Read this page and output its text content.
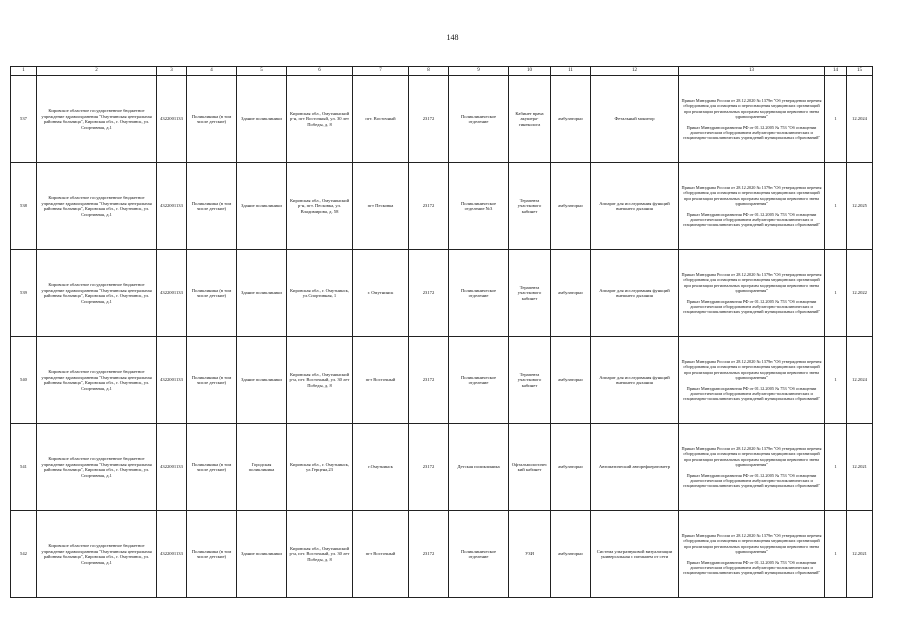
148
1	2	3	4	5	6	7	8	9	10	11	12	13	14	15
537	Кировское областное государственное бюджетное учреждение здравоохранения "Омутнинская центральная районная больница", Кировская обл., г. Омутнинск, ул. Спортивная, д.1	4322001133	Поликлиника (в том числе детские)	Здание поликлиники	Кировская обл., Омутнинский р-н, пгт Восточный, ул. 30 лет Победы, д. 8	пгт. Восточный	23172	Поликлиническое отделение	Кабинет врача акушера-гинеколога	амбулаторно	Фетальный монитор	Приказ Минздрава России от 28.12.2020 № 1379н "Об утверждении перечня оборудования для оснащения и переоснащения медицинских организаций при реализации региональных программ модернизации первичного звена здравоохранения"

Приказ Минздравсоцразвития РФ от 01.12.2005 № 753 "Об оснащении диагностическим оборудованием амбулаторно-поликлинических и стационарно-поликлинических учреждений муниципальных образований"	1	12.2024
538	Кировское областное государственное бюджетное учреждение здравоохранения "Омутнинская центральная районная больница", Кировская обл., г. Омутнинск, ул. Спортивная, д.1	4322001133	Поликлиника (в том числе детские)	Здание поликлиники	Кировская обл., Омутнинский р-н, пгт. Песковка, ул. Владимирова, д. 58	пгт Песковка	23172	Поликлиническое отделение №3	Терапевта участкового кабинет	амбулаторно	Аппарат для исследования функций внешнего дыхания	Приказ Минздрава России от 28.12.2020 № 1379н "Об утверждении перечня оборудования для оснащения и переоснащения медицинских организаций при реализации региональных программ модернизации первичного звена здравоохранения"

Приказ Минздравсоцразвития РФ от 01.12.2005 № 753 "Об оснащении диагностическим оборудованием амбулаторно-поликлинических и стационарно-поликлинических учреждений муниципальных образований"	1	12.2025
539	Кировское областное государственное бюджетное учреждение здравоохранения "Омутнинская центральная районная больница", Кировская обл., г. Омутнинск, ул. Спортивная, д.1	4322001133	Поликлиника (в том числе детские)	Здание поликлиники	Кировская обл., г. Омутнинск, ул.Спортивная, 1	г. Омутнинск	23172	Поликлиническое отделение	Терапевта участкового кабинет	амбулаторно	Аппарат для исследования функций внешнего дыхания	Приказ Минздрава России от 28.12.2020 № 1379н "Об утверждении перечня оборудования для оснащения и переоснащения медицинских организаций при реализации региональных программ модернизации первичного звена здравоохранения"

Приказ Минздравсоцразвития РФ от 01.12.2005 № 753 "Об оснащении диагностическим оборудованием амбулаторно-поликлинических и стационарно-поликлинических учреждений муниципальных образований"	1	12.2022
540	Кировское областное государственное бюджетное учреждение здравоохранения "Омутнинская центральная районная больница", Кировская обл., г. Омутнинск, ул. Спортивная, д.1	4322001133	Поликлиника (в том числе детские)	Здание поликлиники	Кировская обл., Омутнинский р-н, пгт. Восточный, ул. 30 лет Победы, д. 8	пгт Восточный	23172	Поликлиническое отделение	Терапевта участкового кабинет	амбулаторно	Аппарат для исследования функций внешнего дыхания	Приказ Минздрава России от 28.12.2020 № 1379н "Об утверждении перечня оборудования для оснащения и переоснащения медицинских организаций при реализации региональных программ модернизации первичного звена здравоохранения"

Приказ Минздравсоцразвития РФ от 01.12.2005 № 753 "Об оснащении диагностическим оборудованием амбулаторно-поликлинических и стационарно-поликлинических учреждений муниципальных образований"	1	12.2024
541	Кировское областное государственное бюджетное учреждение здравоохранения "Омутнинская центральная районная больница", Кировская обл., г. Омутнинск, ул. Спортивная, д.1	4322001133	Поликлиника (в том числе детские)	Городская поликлиника	Кировская обл., г. Омутнинск, ул.Герцена,23	г.Омутнинск	23172	Детская поликлиника	Офтальмологический кабинет	амбулаторно	Автоматический авторефкератометр	Приказ Минздрава России от 28.12.2020 № 1379н "Об утверждении перечня оборудования для оснащения и переоснащения медицинских организаций при реализации региональных программ модернизации первичного звена здравоохранения"

Приказ Минздравсоцразвития РФ от 01.12.2005 № 753 "Об оснащении диагностическим оборудованием амбулаторно-поликлинических и стационарно-поликлинических учреждений муниципальных образований"	1	12.2021
542	Кировское областное государственное бюджетное учреждение здравоохранения "Омутнинская центральная районная больница", Кировская обл., г. Омутнинск, ул. Спортивная, д.1	4322001133	Поликлиника (в том числе детские)	Здание поликлиники	Кировская обл., Омутнинский р-н, пгт. Восточный, ул. 30 лет Победы, д. 8	пгт Восточный	23172	Поликлиническое отделение	УЗИ	амбулаторно	Система ультразвуковой визуализации универсальная с питанием от сети	Приказ Минздрава России от 28.12.2020 № 1379н "Об утверждении перечня оборудования для оснащения и переоснащения медицинских организаций при реализации региональных программ модернизации первичного звена здравоохранения"

Приказ Минздравсоцразвития РФ от 01.12.2005 № 753 "Об оснащении диагностическим оборудованием амбулаторно-поликлинических и стационарно-поликлинических учреждений муниципальных образований"	1	12.2021
